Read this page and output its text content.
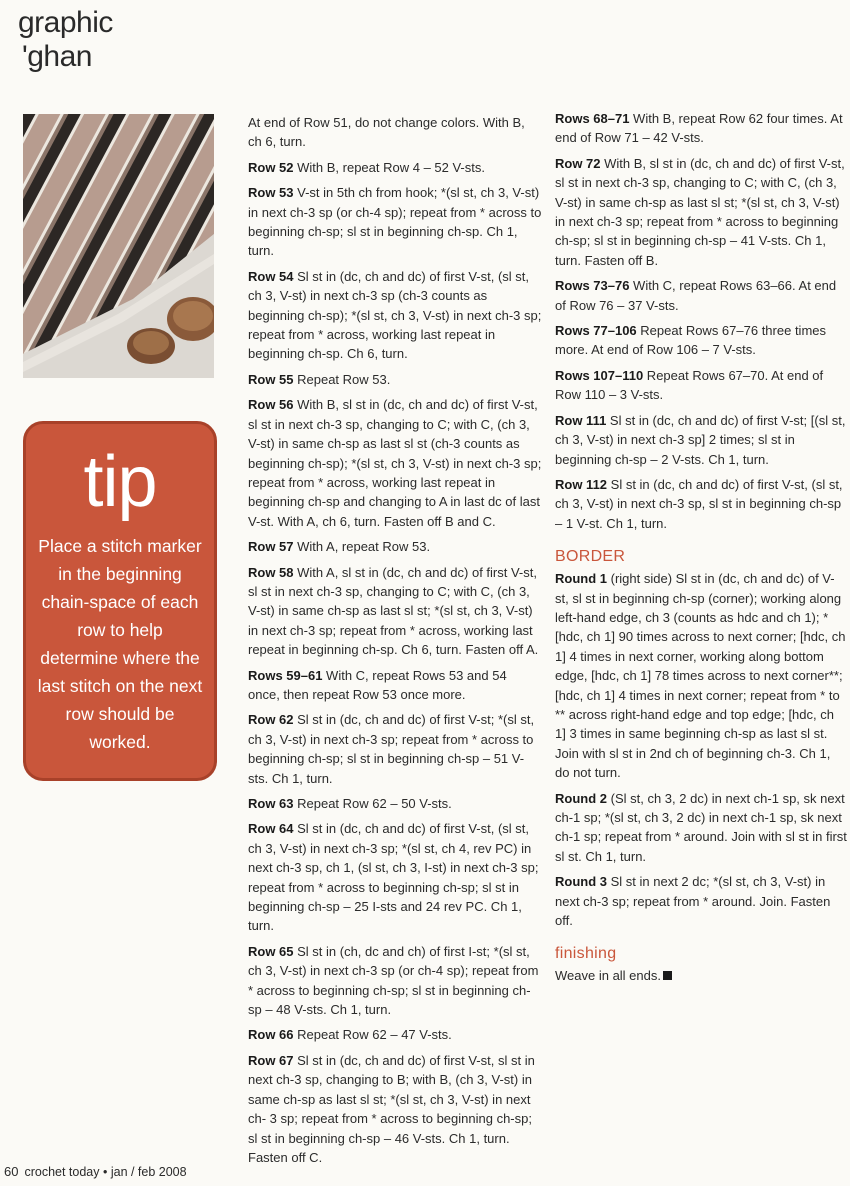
graphic
'ghan
tip
Place a stitch marker in the beginning chain-space of each row to help determine where the last stitch on the next row should be worked.

At end of Row 51, do not change colors. With B, ch 6, turn.

Row 52 With B, repeat Row 4 – 52 V-sts.

Row 53 V-st in 5th ch from hook; *(sl st, ch 3, V-st) in next ch-3 sp (or ch-4 sp); repeat from * across to beginning ch-sp; sl st in beginning ch-sp. Ch 1, turn.

Row 54 Sl st in (dc, ch and dc) of first V-st, (sl st, ch 3, V-st) in next ch-3 sp (ch-3 counts as beginning ch-sp); *(sl st, ch 3, V-st) in next ch-3 sp; repeat from * across, working last repeat in beginning ch-sp. Ch 6, turn.

Row 55 Repeat Row 53.

Row 56 With B, sl st in (dc, ch and dc) of first V-st, sl st in next ch-3 sp, changing to C; with C, (ch 3, V-st) in same ch-sp as last sl st (ch-3 counts as beginning ch-sp); *(sl st, ch 3, V-st) in next ch-3 sp; repeat from * across, working last repeat in beginning ch-sp and changing to A in last dc of last V-st. With A, ch 6, turn. Fasten off B and C.

Row 57 With A, repeat Row 53.

Row 58 With A, sl st in (dc, ch and dc) of first V-st, sl st in next ch-3 sp, changing to C; with C, (ch 3, V-st) in same ch-sp as last sl st; *(sl st, ch 3, V-st) in next ch-3 sp; repeat from * across, working last repeat in beginning ch-sp. Ch 6, turn. Fasten off A.

Rows 59–61 With C, repeat Rows 53 and 54 once, then repeat Row 53 once more.

Row 62 Sl st in (dc, ch and dc) of first V-st; *(sl st, ch 3, V-st) in next ch-3 sp; repeat from * across to beginning ch-sp; sl st in beginning ch-sp – 51 V-sts. Ch 1, turn.

Row 63 Repeat Row 62 – 50 V-sts.

Row 64 Sl st in (dc, ch and dc) of first V-st, (sl st, ch 3, V-st) in next ch-3 sp; *(sl st, ch 4, rev PC) in next ch-3 sp, ch 1, (sl st, ch 3, I-st) in next ch-3 sp; repeat from * across to beginning ch-sp; sl st in beginning ch-sp – 25 I-sts and 24 rev PC. Ch 1, turn.

Row 65 Sl st in (ch, dc and ch) of first I-st; *(sl st, ch 3, V-st) in next ch-3 sp (or ch-4 sp); repeat from * across to beginning ch-sp; sl st in beginning ch-sp – 48 V-sts. Ch 1, turn.

Row 66 Repeat Row 62 – 47 V-sts.

Row 67 Sl st in (dc, ch and dc) of first V-st, sl st in next ch-3 sp, changing to B; with B, (ch 3, V-st) in same ch-sp as last sl st; *(sl st, ch 3, V-st) in next ch- 3 sp; repeat from * across to beginning ch-sp; sl st in beginning ch-sp – 46 V-sts. Ch 1, turn. Fasten off C.

Rows 68–71 With B, repeat Row 62 four times. At end of Row 71 – 42 V-sts.

Row 72 With B, sl st in (dc, ch and dc) of first V-st, sl st in next ch-3 sp, changing to C; with C, (ch 3, V-st) in same ch-sp as last sl st; *(sl st, ch 3, V-st) in next ch-3 sp; repeat from * across to beginning ch-sp; sl st in beginning ch-sp – 41 V-sts. Ch 1, turn. Fasten off B.

Rows 73–76 With C, repeat Rows 63–66. At end of Row 76 – 37 V-sts.

Rows 77–106 Repeat Rows 67–76 three times more. At end of Row 106 – 7 V-sts.

Rows 107–110 Repeat Rows 67–70. At end of Row 110 – 3 V-sts.

Row 111 Sl st in (dc, ch and dc) of first V-st; [(sl st, ch 3, V-st) in next ch-3 sp] 2 times; sl st in beginning ch-sp – 2 V-sts. Ch 1, turn.

Row 112 Sl st in (dc, ch and dc) of first V-st, (sl st, ch 3, V-st) in next ch-3 sp, sl st in beginning ch-sp – 1 V-st. Ch 1, turn.

BORDER

Round 1 (right side) Sl st in (dc, ch and dc) of V-st, sl st in beginning ch-sp (corner); working along left-hand edge, ch 3 (counts as hdc and ch 1); *[hdc, ch 1] 90 times across to next corner; [hdc, ch 1] 4 times in next corner, working along bottom edge, [hdc, ch 1] 78 times across to next corner**; [hdc, ch 1] 4 times in next corner; repeat from * to ** across right-hand edge and top edge; [hdc, ch 1] 3 times in same beginning ch-sp as last sl st. Join with sl st in 2nd ch of beginning ch-3. Ch 1, do not turn.

Round 2 (Sl st, ch 3, 2 dc) in next ch-1 sp, sk next ch-1 sp; *(sl st, ch 3, 2 dc) in next ch-1 sp, sk next ch-1 sp; repeat from * around. Join with sl st in first sl st. Ch 1, turn.

Round 3 Sl st in next 2 dc; *(sl st, ch 3, V-st) in next ch-3 sp; repeat from * around. Join. Fasten off.

finishing

Weave in all ends.

60 crochet today • jan / feb 2008
